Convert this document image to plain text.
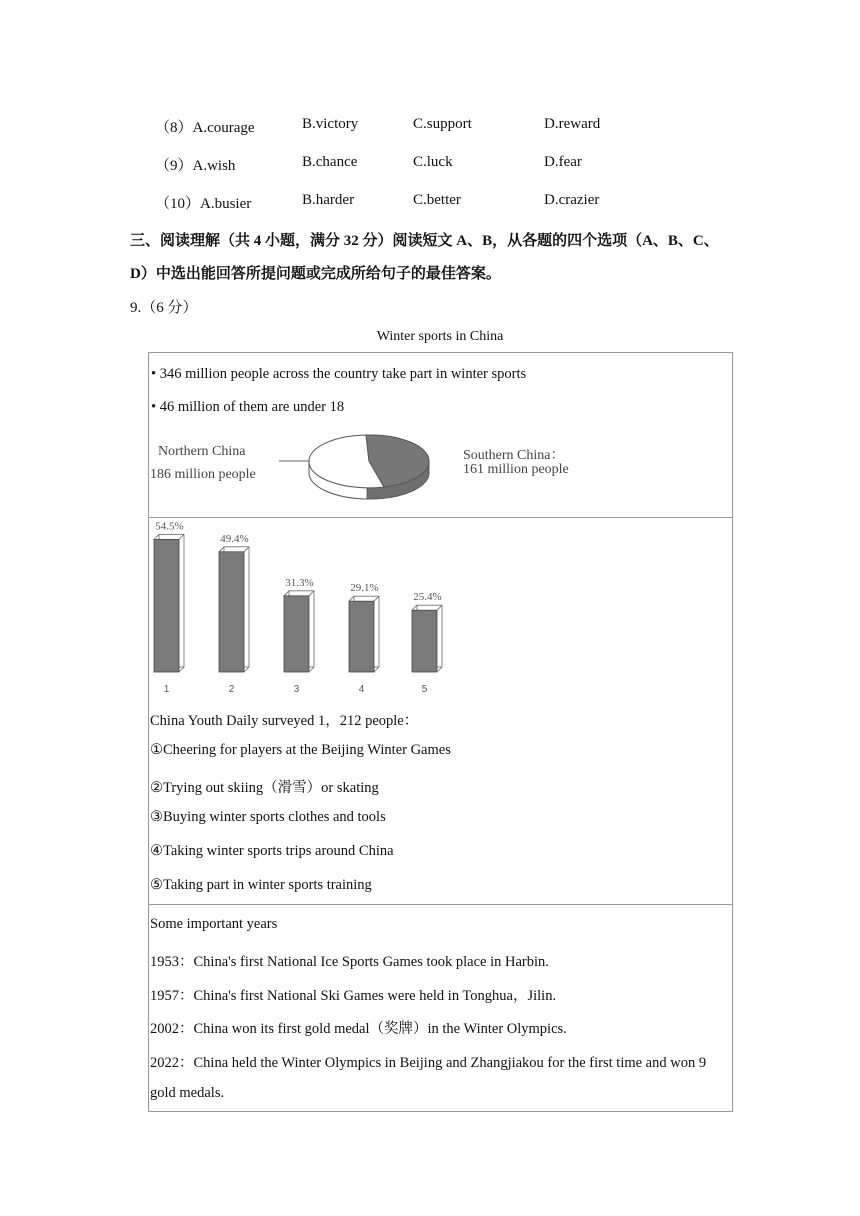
（8）A.courage	B.victory	C.support	D.reward
（9）A.wish	B.chance	C.luck	D.fear
（10）A.busier	B.harder	C.better	D.crazier
三、阅读理解（共 4 小题，满分 32 分）阅读短文 A、B，从各题的四个选项（A、B、C、
D）中选出能回答所提问题或完成所给句子的最佳答案。
9.（6 分）
Winter sports in China
• 346 million people across the country take part in winter sports
• 46 million of them are under 18
Northern China
186 million people
Southern China：
161 million people
54.5%
1
49.4%
2
31.3%
3
29.1%
4
25.4%
5
China Youth Daily surveyed 1，212 people：
①Cheering for players at the Beijing Winter Games
②Trying out skiing（滑雪）or skating
③Buying winter sports clothes and tools
④Taking winter sports trips around China
⑤Taking part in winter sports training
Some important years
1953：China's first National Ice Sports Games took place in Harbin.
1957：China's first National Ski Games were held in Tonghua，Jilin.
2002：China won its first gold medal（奖牌）in the Winter Olympics.
2022：China held the Winter Olympics in Beijing and Zhangjiakou for the first time and won 9
gold medals.
